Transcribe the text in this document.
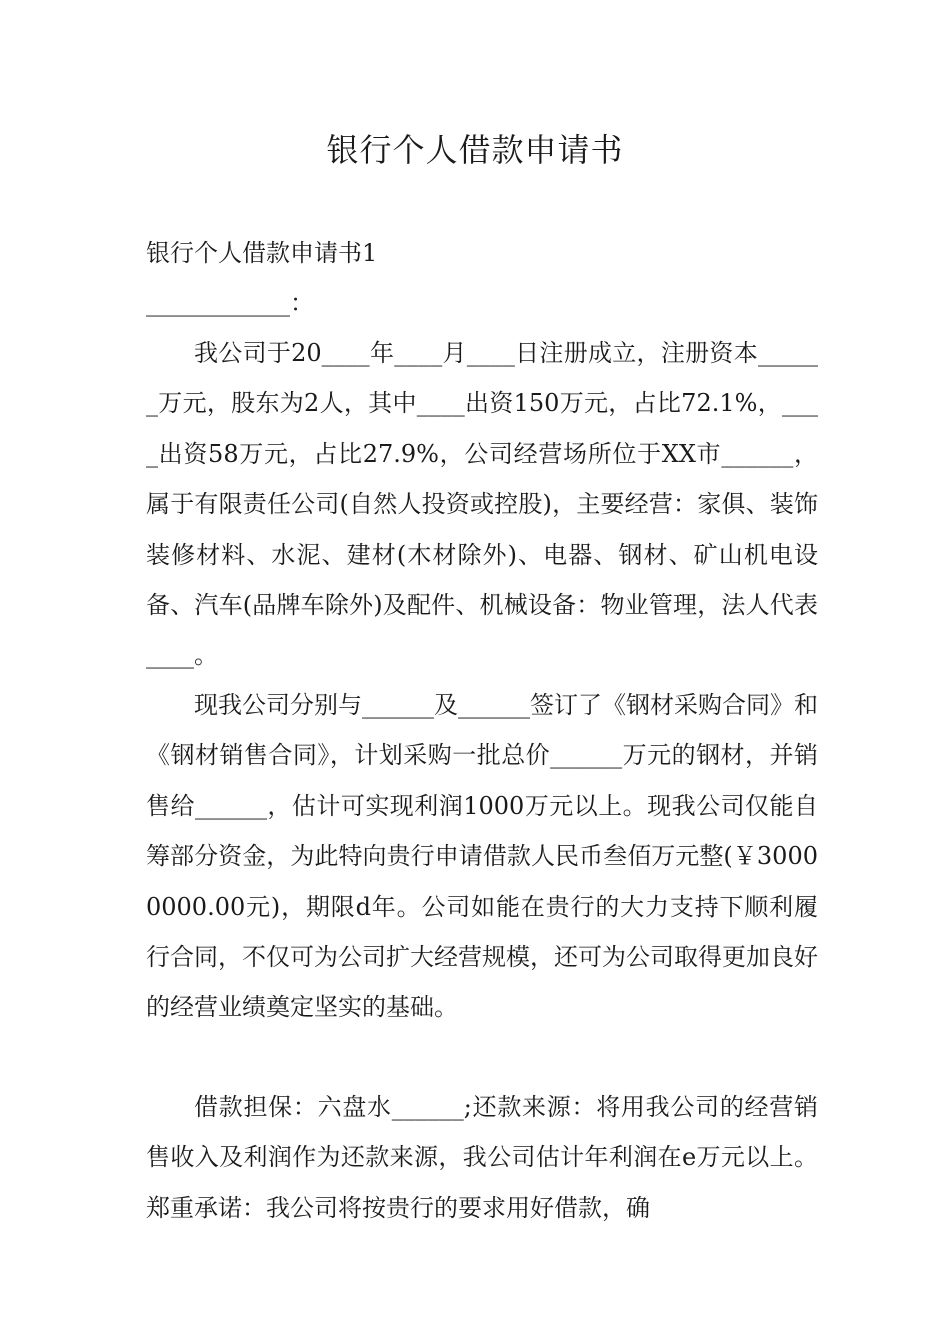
银行个人借款申请书

银行个人借款申请书1

____________：

我公司于20____年____月____日注册成立，注册资本______万元，股东为2人，其中____出资150万元，占比72.1%，____出资58万元，占比27.9%，公司经营场所位于XX市______，属于有限责任公司(自然人投资或控股)，主要经营：家俱、装饰装修材料、水泥、建材(木材除外)、电器、钢材、矿山机电设备、汽车(品牌车除外)及配件、机械设备：物业管理，法人代表____。

现我公司分别与______及______签订了《钢材采购合同》和《钢材销售合同》，计划采购一批总价______万元的钢材，并销售给______，估计可实现利润1000万元以上。现我公司仅能自筹部分资金，为此特向贵行申请借款人民币叁佰万元整(￥30000000.00元)，期限d年。公司如能在贵行的大力支持下顺利履行合同，不仅可为公司扩大经营规模，还可为公司取得更加良好的经营业绩奠定坚实的基础。

借款担保：六盘水______;还款来源：将用我公司的经营销售收入及利润作为还款来源，我公司估计年利润在e万元以上。 郑重承诺：我公司将按贵行的要求用好借款，确
